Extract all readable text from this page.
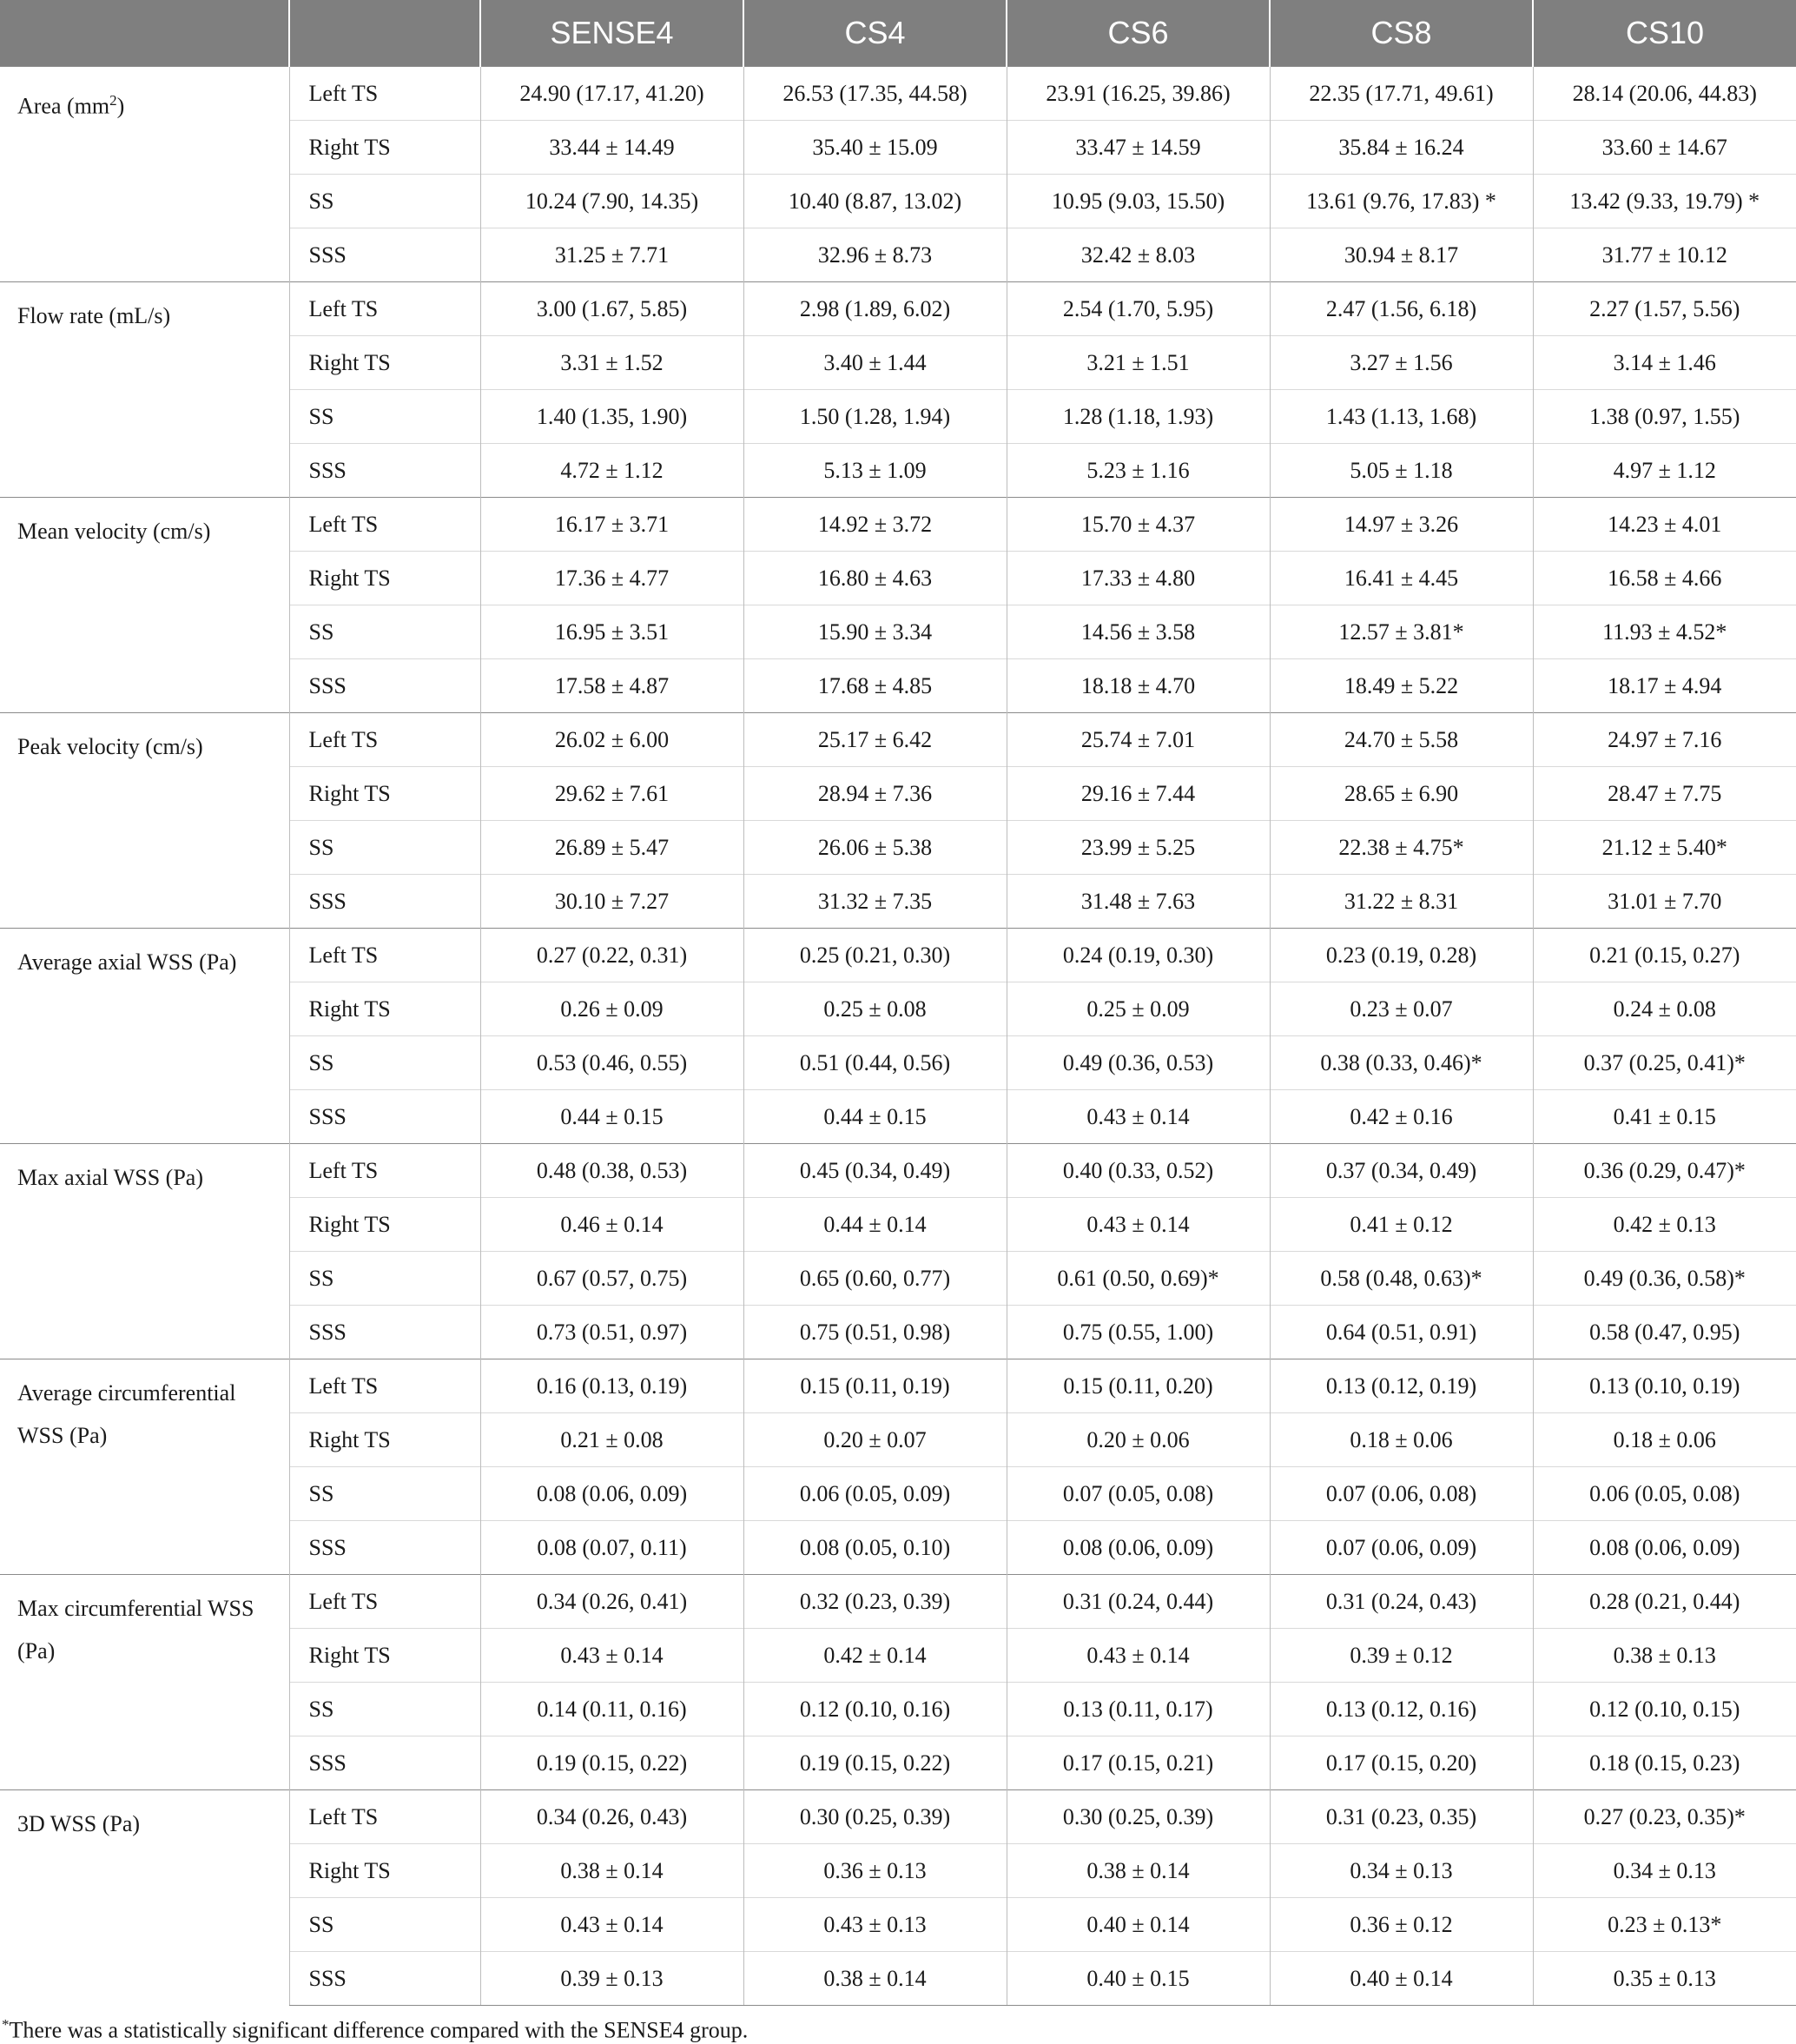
		SENSE4	CS4	CS6	CS8	CS10
Area $(mm^2)$	Left TS	24.90 (17.17, 41.20)	26.53 (17.35, 44.58)	23.91 (16.25, 39.86)	22.35 (17.71, 49.61)	28.14 (20.06, 44.83)
	Right TS	33.44 ± 14.49	35.40 ± 15.09	33.47 ± 14.59	35.84 ± 16.24	33.60 ± 14.67
	SS	10.24 (7.90, 14.35)	10.40 (8.87, 13.02)	10.95 (9.03, 15.50)	13.61 (9.76, 17.83) *	13.42 (9.33, 19.79) *
	SSS	31.25 ± 7.71	32.96 ± 8.73	32.42 ± 8.03	30.94 ± 8.17	31.77 ± 10.12
Flow rate (mL/s)	Left TS	3.00 (1.67, 5.85)	2.98 (1.89, 6.02)	2.54 (1.70, 5.95)	2.47 (1.56, 6.18)	2.27 (1.57, 5.56)
	Right TS	3.31 ± 1.52	3.40 ± 1.44	3.21 ± 1.51	3.27 ± 1.56	3.14 ± 1.46
	SS	1.40 (1.35, 1.90)	1.50 (1.28, 1.94)	1.28 (1.18, 1.93)	1.43 (1.13, 1.68)	1.38 (0.97, 1.55)
	SSS	4.72 ± 1.12	5.13 ± 1.09	5.23 ± 1.16	5.05 ± 1.18	4.97 ± 1.12
Mean velocity (cm/s)	Left TS	16.17 ± 3.71	14.92 ± 3.72	15.70 ± 4.37	14.97 ± 3.26	14.23 ± 4.01
	Right TS	17.36 ± 4.77	16.80 ± 4.63	17.33 ± 4.80	16.41 ± 4.45	16.58 ± 4.66
	SS	16.95 ± 3.51	15.90 ± 3.34	14.56 ± 3.58	12.57 ± 3.81*	11.93 ± 4.52*
	SSS	17.58 ± 4.87	17.68 ± 4.85	18.18 ± 4.70	18.49 ± 5.22	18.17 ± 4.94
Peak velocity (cm/s)	Left TS	26.02 ± 6.00	25.17 ± 6.42	25.74 ± 7.01	24.70 ± 5.58	24.97 ± 7.16
	Right TS	29.62 ± 7.61	28.94 ± 7.36	29.16 ± 7.44	28.65 ± 6.90	28.47 ± 7.75
	SS	26.89 ± 5.47	26.06 ± 5.38	23.99 ± 5.25	22.38 ± 4.75*	21.12 ± 5.40*
	SSS	30.10 ± 7.27	31.32 ± 7.35	31.48 ± 7.63	31.22 ± 8.31	31.01 ± 7.70
Average axial WSS (Pa)	Left TS	0.27 (0.22, 0.31)	0.25 (0.21, 0.30)	0.24 (0.19, 0.30)	0.23 (0.19, 0.28)	0.21 (0.15, 0.27)
	Right TS	0.26 ± 0.09	0.25 ± 0.08	0.25 ± 0.09	0.23 ± 0.07	0.24 ± 0.08
	SS	0.53 (0.46, 0.55)	0.51 (0.44, 0.56)	0.49 (0.36, 0.53)	0.38 (0.33, 0.46)*	0.37 (0.25, 0.41)*
	SSS	0.44 ± 0.15	0.44 ± 0.15	0.43 ± 0.14	0.42 ± 0.16	0.41 ± 0.15
Max axial WSS (Pa)	Left TS	0.48 (0.38, 0.53)	0.45 (0.34, 0.49)	0.40 (0.33, 0.52)	0.37 (0.34, 0.49)	0.36 (0.29, 0.47)*
	Right TS	0.46 ± 0.14	0.44 ± 0.14	0.43 ± 0.14	0.41 ± 0.12	0.42 ± 0.13
	SS	0.67 (0.57, 0.75)	0.65 (0.60, 0.77)	0.61 (0.50, 0.69)*	0.58 (0.48, 0.63)*	0.49 (0.36, 0.58)*
	SSS	0.73 (0.51, 0.97)	0.75 (0.51, 0.98)	0.75 (0.55, 1.00)	0.64 (0.51, 0.91)	0.58 (0.47, 0.95)
Average circumferential WSS (Pa)	Left TS	0.16 (0.13, 0.19)	0.15 (0.11, 0.19)	0.15 (0.11, 0.20)	0.13 (0.12, 0.19)	0.13 (0.10, 0.19)
	Right TS	0.21 ± 0.08	0.20 ± 0.07	0.20 ± 0.06	0.18 ± 0.06	0.18 ± 0.06
	SS	0.08 (0.06, 0.09)	0.06 (0.05, 0.09)	0.07 (0.05, 0.08)	0.07 (0.06, 0.08)	0.06 (0.05, 0.08)
	SSS	0.08 (0.07, 0.11)	0.08 (0.05, 0.10)	0.08 (0.06, 0.09)	0.07 (0.06, 0.09)	0.08 (0.06, 0.09)
Max circumferential WSS (Pa)	Left TS	0.34 (0.26, 0.41)	0.32 (0.23, 0.39)	0.31 (0.24, 0.44)	0.31 (0.24, 0.43)	0.28 (0.21, 0.44)
	Right TS	0.43 ± 0.14	0.42 ± 0.14	0.43 ± 0.14	0.39 ± 0.12	0.38 ± 0.13
	SS	0.14 (0.11, 0.16)	0.12 (0.10, 0.16)	0.13 (0.11, 0.17)	0.13 (0.12, 0.16)	0.12 (0.10, 0.15)
	SSS	0.19 (0.15, 0.22)	0.19 (0.15, 0.22)	0.17 (0.15, 0.21)	0.17 (0.15, 0.20)	0.18 (0.15, 0.23)
3D WSS (Pa)	Left TS	0.34 (0.26, 0.43)	0.30 (0.25, 0.39)	0.30 (0.25, 0.39)	0.31 (0.23, 0.35)	0.27 (0.23, 0.35)*
	Right TS	0.38 ± 0.14	0.36 ± 0.13	0.38 ± 0.14	0.34 ± 0.13	0.34 ± 0.13
	SS	0.43 ± 0.14	0.43 ± 0.13	0.40 ± 0.14	0.36 ± 0.12	0.23 ± 0.13*
	SSS	0.39 ± 0.13	0.38 ± 0.14	0.40 ± 0.15	0.40 ± 0.14	0.35 ± 0.13
*There was a statistically significant difference compared with the SENSE4 group.
